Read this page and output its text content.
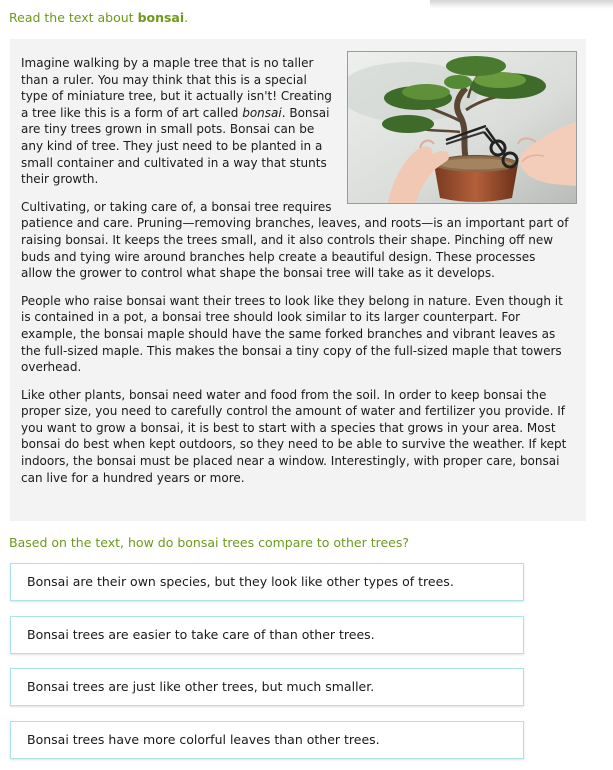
Read the text about bonsai.

Imagine walking by a maple tree that is no taller than a ruler. You may think that this is a special type of miniature tree, but it actually isn't! Creating a tree like this is a form of art called bonsai. Bonsai are tiny trees grown in small pots. Bonsai can be any kind of tree. They just need to be planted in a small container and cultivated in a way that stunts their growth.

Cultivating, or taking care of, a bonsai tree requires patience and care. Pruning—removing branches, leaves, and roots—is an important part of raising bonsai. It keeps the trees small, and it also controls their shape. Pinching off new buds and tying wire around branches help create a beautiful design. These processes allow the grower to control what shape the bonsai tree will take as it develops.

People who raise bonsai want their trees to look like they belong in nature. Even though it is contained in a pot, a bonsai tree should look similar to its larger counterpart. For example, the bonsai maple should have the same forked branches and vibrant leaves as the full-sized maple. This makes the bonsai a tiny copy of the full-sized maple that towers overhead.

Like other plants, bonsai need water and food from the soil. In order to keep bonsai the proper size, you need to carefully control the amount of water and fertilizer you provide. If you want to grow a bonsai, it is best to start with a species that grows in your area. Most bonsai do best when kept outdoors, so they need to be able to survive the weather. If kept indoors, the bonsai must be placed near a window. Interestingly, with proper care, bonsai can live for a hundred years or more.

Based on the text, how do bonsai trees compare to other trees?
Bonsai are their own species, but they look like other types of trees.
Bonsai trees are easier to take care of than other trees.
Bonsai trees are just like other trees, but much smaller.
Bonsai trees have more colorful leaves than other trees.
